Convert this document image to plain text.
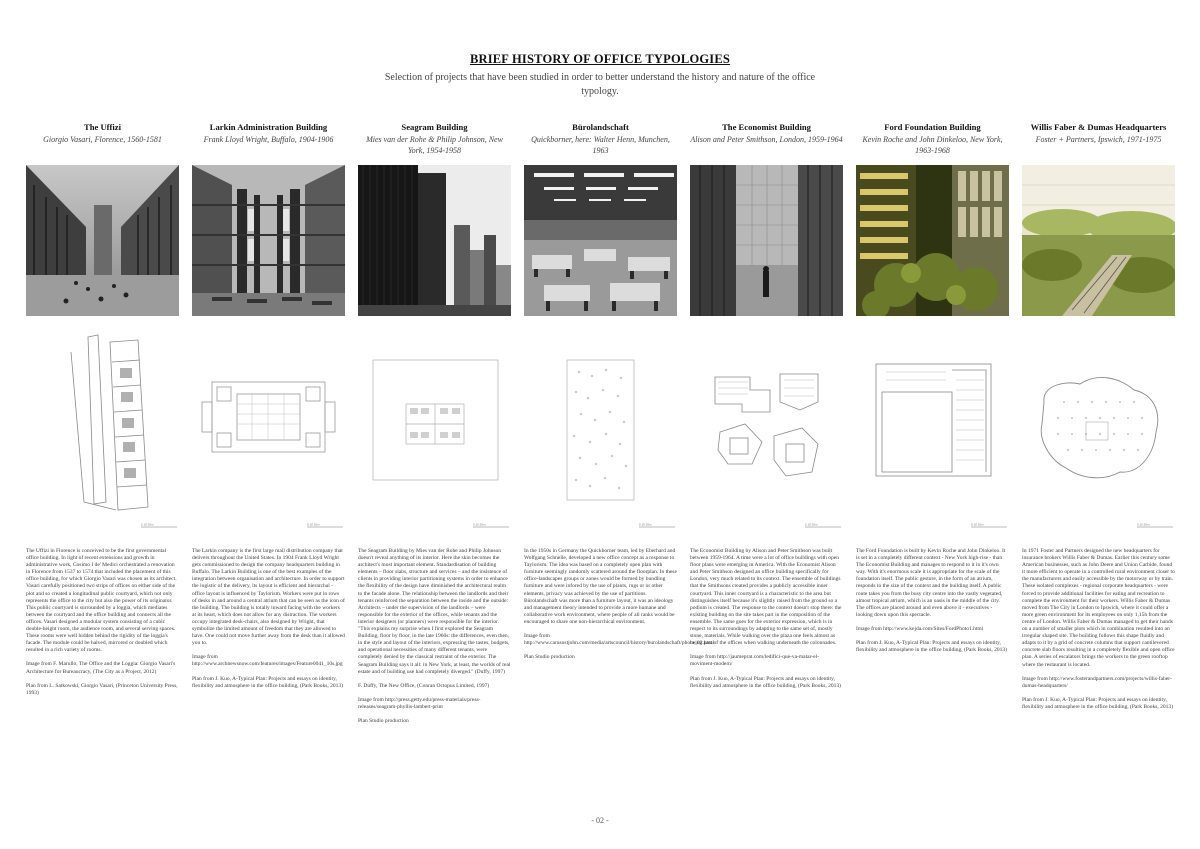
BRIEF HISTORY OF OFFICE TYPOLOGIES
Selection of projects that have been studied in order to better understand the history and nature of the office typology.
The Uffizi
Giorgio Vasari, Florence, 1560-1581
0 10 20m

The Uffizi in Florence is conceived to be the first governmental office building. In light of recent extensions and growth in administrative work, Cosimo I de' Medici orchestrated a renovation in Florence from 1537 to 1574 that included the placement of this office building, for which Giorgio Vasari was chosen as its architect. Vasari carefully positioned two strips of offices on either side of the plot and so created a longitudinal public courtyard, which not only represents the office to the city but also the power of its originator. This public courtyard is surrounded by a loggia, which mediates between the courtyard and the office building and connects all the offices. Vasari designed a modular system consisting of a cubic double-height room, the audience room, and several serving spaces. These rooms were well hidden behind the rigidity of the loggia's facade. The module could be halved, mirrored or doubled which resulted in a rich variety of rooms.

Image from F. Marullo, The Office and the Loggia: Giorgio Vasari's Architecture for Bureaucracy, (The City as a Project, 2012)

Plan from L. Satkowski, Giorgio Vasari, (Princeton University Press, 1993)

Larkin Administration Building
Frank Lloyd Wright, Buffalo, 1904-1906
0 10 20m

The Larkin company is the first large mail distribution company that delivers throughout the United States. In 1904 Frank Lloyd Wright gets commissioned to design the company headquarters building in Buffalo. The Larkin Building is one of the best examples of the integration between organisation and architecture. In order to support the logistic of the delivery, its layout is efficient and hierarchal - office layout is influenced by Taylorism. Workers were put in rows of desks in and around a central atrium that can be seen as the icon of the building. The building is totally inward facing with the workers at its heart, which does not allow for any distraction. The workers occupy integrated desk-chairs, also designed by Wright, that symbolize the limited amount of freedom that they are allowed to have. One could not move further away from the desk than it allowed you to.

Image from http://www.archnewsnow.com/features/images/Feature0041_10s.jpg

Plan from J. Kuo, A-Typical Plan: Projects and essays on identity, flexibility and atmosphere in the office building, (Park Books, 2013)

Seagram Building
Mies van der Rohe & Philip Johnson, New York, 1954-1958
0 10 20m

The Seagram Building by Mies van der Rohe and Philip Johnson doesn't reveal anything of its interior. Here the skin becomes the architect's most important element. Standardisation of building elements – floor slabs, structure and services – and the insistence of clients in providing interior partitioning systems in order to enhance the flexibility of the design have diminished the architectural realm to the facade alone. The relationship between the landlords and their tenants reinforced the separation between the inside and the outside: Architects – under the supervision of the landlords – were responsible for the exterior of the offices, while tenants and the interior designers (or planners) were responsible for the interior. "This explains my surprise when I first explored the Seagram Building, floor by floor, in the late 1960s: the differences, even then, in the style and layout of the interiors, expressing the tastes, budgets, and operational necessities of many different tenants, were completely denied by the classical restraint of the exterior. The Seagram Building says it all: in New York, at least, the worlds of real estate and of building use had completely diverged." (Duffy, 1997)

F. Duffy, The New Office, (Conran Octopus Limited, 1997)

Image from http://press.getty.edu/press-materials/press-releases/seagram-phyllis-lambert-print

Plan Studio production

Bürolandschaft
Quickborner, here: Walter Henn, Munchen, 1963
0 10 20m

In the 1950s in Germany the Quickborner team, led by Eberhard and Wolfgang Schnelle, developed a new office concept as a response to Taylorism. The idea was based on a completely open plan with furniture seemingly randomly scattered around the floorplan. In these office-landscapes groups or zones would be formed by bundling furniture and were infored by the use of plants, rugs or or other elements, privacy was achieved by the use of partitions. Bürolandschaft was more than a furniture layout, it was an ideology and management theory intended to provide a more humane and collaborative work environment, where people of all ranks would be encouraged to share one non-hierarchical environment.

Image from http://www.carusostjohn.com/media/artscouncil/history/burolandschaft/photo_02.html

Plan Studio production

The Economist Building
Alison and Peter Smithson, London, 1959-1964
0 10 20m

The Economist Building by Alison and Peter Smithson was built between 1959-1964. A time were a lot of office buildings with open floor plans were emerging in America. With the Economist Alison and Peter Smithson designed an office building specifically for London, very much related to its context. The ensemble of buildings that the Smithsons created provides a publicly accessible inner courtyard. This inner courtyard is a characteristic to the area but distinguishes itself because it's slightly raised from the ground so a podium is created. The response to the context doesn't stop there: the existing building on the site takes part in the composition of the ensemble. The same goes for the exterior expression, which is in respect to its surroundings by adapting to the same set of, mostly stone, materials. While walking over the plaza one feels almost as being part of the offices when walking underneath the colonnades.

Image from http://jaumeprat.com/ledifici-que-va-matar-el-moviment-modern/

Plan from J. Kuo, A-Typical Plan: Projects and essays on identity, flexibility and atmosphere in the office building, (Park Books, 2013)

Ford Foundation Building
Kevin Roche and John Dinkeloo, New York, 1963-1968
0 10 20m

The Ford Foundation is built by Kevin Roche and John Dinkeloo. It is set in a completely different context - New York high-rise - than The Economist Building and manages to respond to it in it's own way. With it's enormous scale it is appropriate for the scale of the foundation itself. The public gesture, in the form of an atrium, responds to the size of the context and the building itself. A public route takes you from the busy city centre into the vastly vegetated, almost tropical atrium, which is an oasis in the middle of the city. The offices are placed around and even above it - executives - looking down upon this spectacle.

Image from http://www.kejda.com/Sites/FordPhoto1.html

Plan from J. Kuo, A-Typical Plan: Projects and essays on identity, flexibility and atmosphere in the office building, (Park Books, 2013)

Willis Faber & Dumas Headquarters
Foster + Partners, Ipswich, 1971-1975
0 10 20m

In 1971 Foster and Partners designed the new headquarters for insurance brokers Willis Faber & Dumas. Earlier this century some American businesses, such as John Deere and Union Carbide, found it more efficient to operate in a controlled rural environment closer to the manufacturers and easily accessible by the motorway or by train. These isolated complexes - regional corporate headquarters - were forced to provide additional facilities for eating and recreation to complete the environment for their workers. Willis Faber & Dumas moved from The City in London to Ipswich, where it could offer a more green environment for its employees on only 1,15h from the centre of London. Willis Faber & Dumas managed to get their hands on a number of smaller plots which in combination resulted into an irregular shaped site. The building follows this shape fluidly and adapts to it by a grid of concrete columns that support cantilevered concrete slab floors resulting in a completely flexible and open office plan. A series of escalators brings the workers to the green rooftop where the restaurant is located.

Image from http://www.fosterandpartners.com/projects/willis-faber-dumas-headquarters/

Plan from J. Kuo, A-Typical Plan: Projects and essays on identity, flexibility and atmosphere in the office building, (Park Books, 2013)

- 02 -
